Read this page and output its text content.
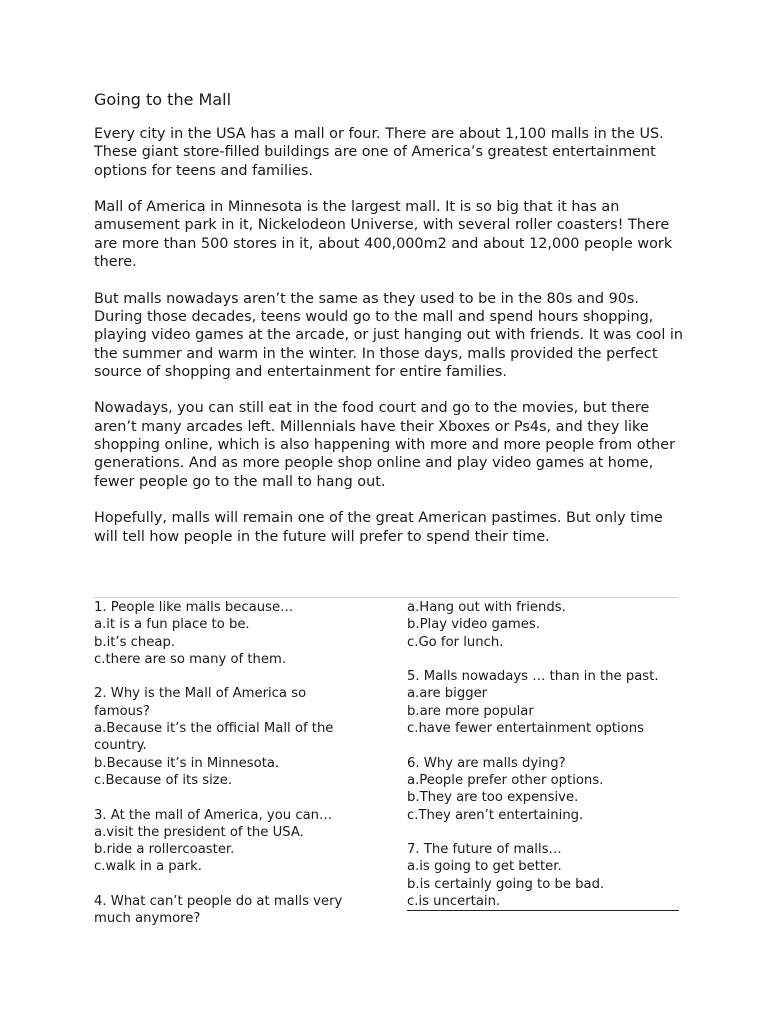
Going to the Mall

Every city in the USA has a mall or four. There are about 1,100 malls in the US. These giant store-filled buildings are one of America’s greatest entertainment options for teens and families.

Mall of America in Minnesota is the largest mall. It is so big that it has an amusement park in it, Nickelodeon Universe, with several roller coasters! There are more than 500 stores in it, about 400,000m2 and about 12,000 people work there.

But malls nowadays aren’t the same as they used to be in the 80s and 90s. During those decades, teens would go to the mall and spend hours shopping, playing video games at the arcade, or just hanging out with friends. It was cool in the summer and warm in the winter. In those days, malls provided the perfect source of shopping and entertainment for entire families.

Nowadays, you can still eat in the food court and go to the movies, but there aren’t many arcades left. Millennials have their Xboxes or Ps4s, and they like shopping online, which is also happening with more and more people from other generations. And as more people shop online and play video games at home, fewer people go to the mall to hang out.

Hopefully, malls will remain one of the great American pastimes. But only time will tell how people in the future will prefer to spend their time.

1. People like malls because…
a.it is a fun place to be.
b.it’s cheap.
c.there are so many of them.
2. Why is the Mall of America so famous?
a.Because it’s the official Mall of the country.
b.Because it’s in Minnesota.
c.Because of its size.
3. At the mall of America, you can…
a.visit the president of the USA.
b.ride a rollercoaster.
c.walk in a park.
4. What can’t people do at malls very much anymore?
a.Hang out with friends.
b.Play video games.
c.Go for lunch.
5. Malls nowadays … than in the past.
a.are bigger
b.are more popular
c.have fewer entertainment options
6. Why are malls dying?
a.People prefer other options.
b.They are too expensive.
c.They aren’t entertaining.
7. The future of malls…
a.is going to get better.
b.is certainly going to be bad.
c.is uncertain.
